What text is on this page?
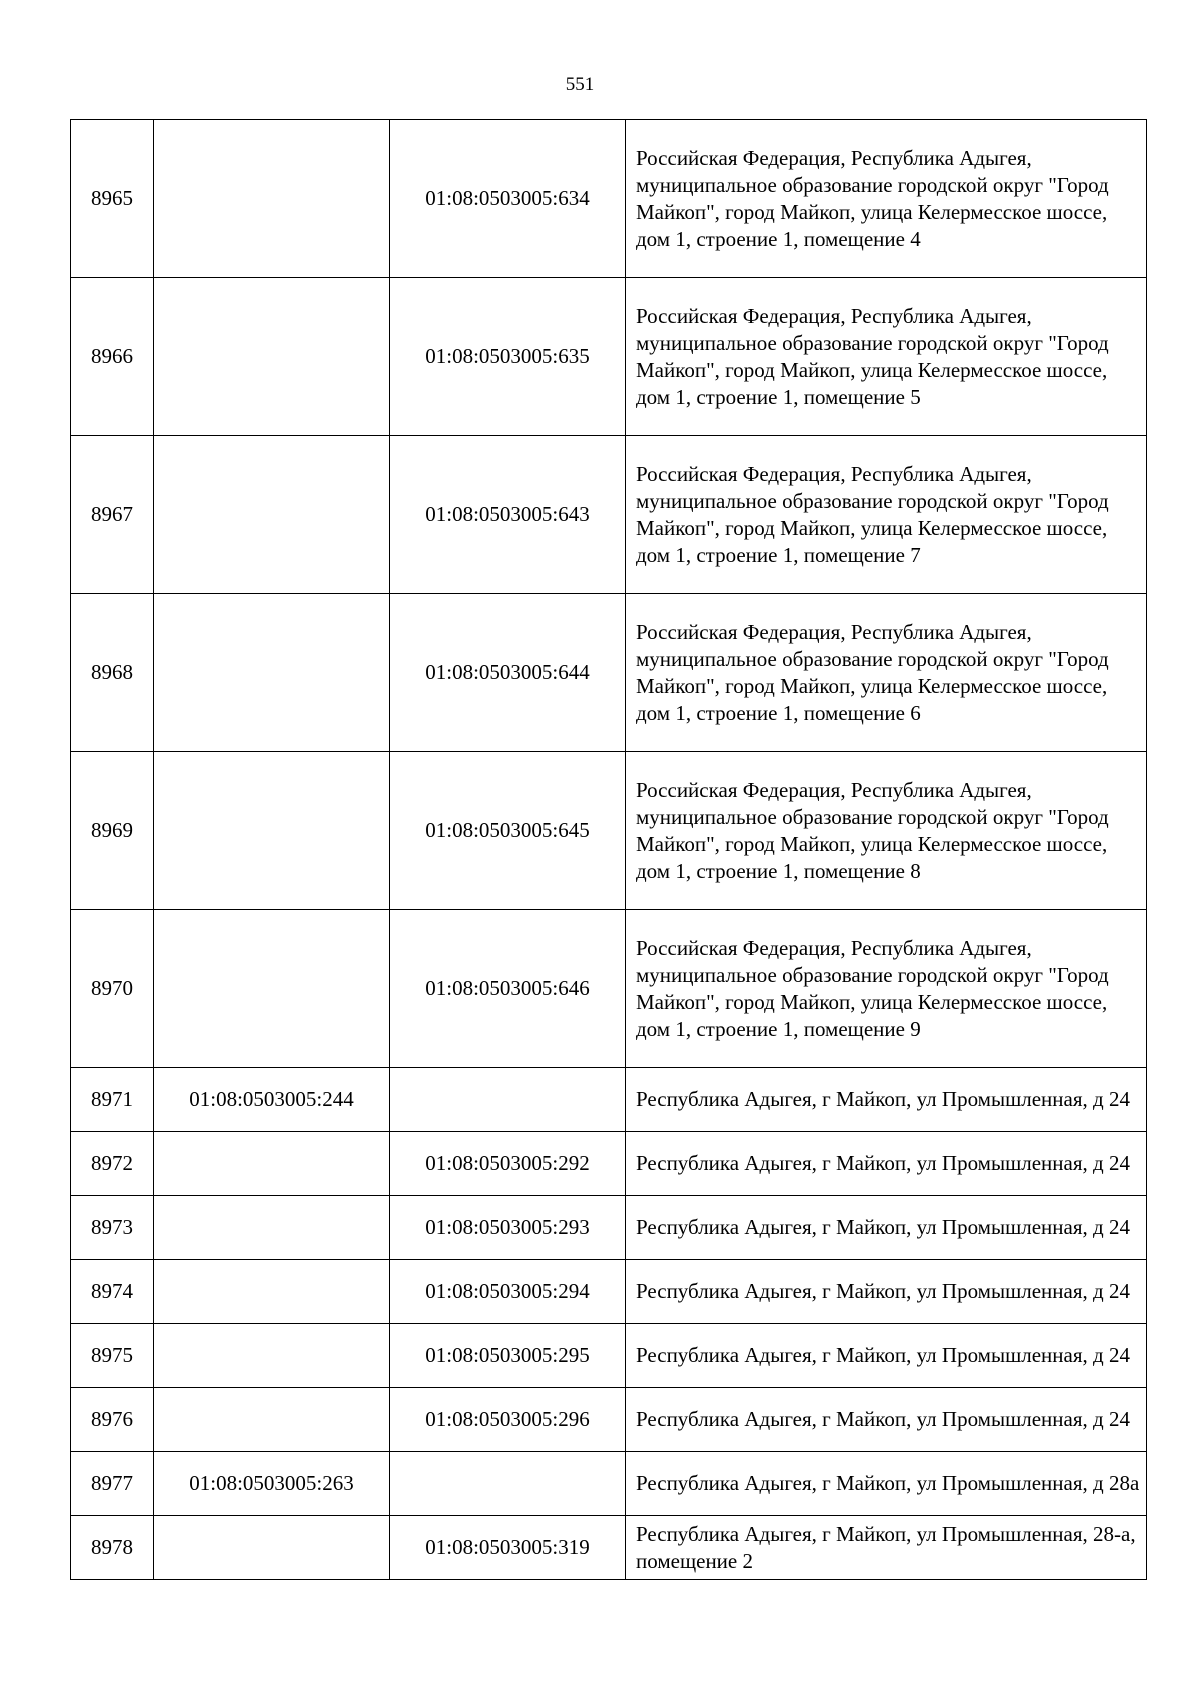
551
8965		01:08:0503005:634	Российская Федерация, Республика Адыгея, муниципальное образование городской округ "Город Майкоп", город Майкоп, улица Келермесское шоссе, дом 1, строение 1, помещение 4
8966		01:08:0503005:635	Российская Федерация, Республика Адыгея, муниципальное образование городской округ "Город Майкоп", город Майкоп, улица Келермесское шоссе, дом 1, строение 1, помещение 5
8967		01:08:0503005:643	Российская Федерация, Республика Адыгея, муниципальное образование городской округ "Город Майкоп", город Майкоп, улица Келермесское шоссе, дом 1, строение 1, помещение 7
8968		01:08:0503005:644	Российская Федерация, Республика Адыгея, муниципальное образование городской округ "Город Майкоп", город Майкоп, улица Келермесское шоссе, дом 1, строение 1, помещение 6
8969		01:08:0503005:645	Российская Федерация, Республика Адыгея, муниципальное образование городской округ "Город Майкоп", город Майкоп, улица Келермесское шоссе, дом 1, строение 1, помещение 8
8970		01:08:0503005:646	Российская Федерация, Республика Адыгея, муниципальное образование городской округ "Город Майкоп", город Майкоп, улица Келермесское шоссе, дом 1, строение 1, помещение 9
8971	01:08:0503005:244		Республика Адыгея, г Майкоп, ул Промышленная, д 24
8972		01:08:0503005:292	Республика Адыгея, г Майкоп, ул Промышленная, д 24
8973		01:08:0503005:293	Республика Адыгея, г Майкоп, ул Промышленная, д 24
8974		01:08:0503005:294	Республика Адыгея, г Майкоп, ул Промышленная, д 24
8975		01:08:0503005:295	Республика Адыгея, г Майкоп, ул Промышленная, д 24
8976		01:08:0503005:296	Республика Адыгея, г Майкоп, ул Промышленная, д 24
8977	01:08:0503005:263		Республика Адыгея, г Майкоп, ул Промышленная, д 28а
8978		01:08:0503005:319	Республика Адыгея, г Майкоп, ул Промышленная, 28-а, помещение 2
